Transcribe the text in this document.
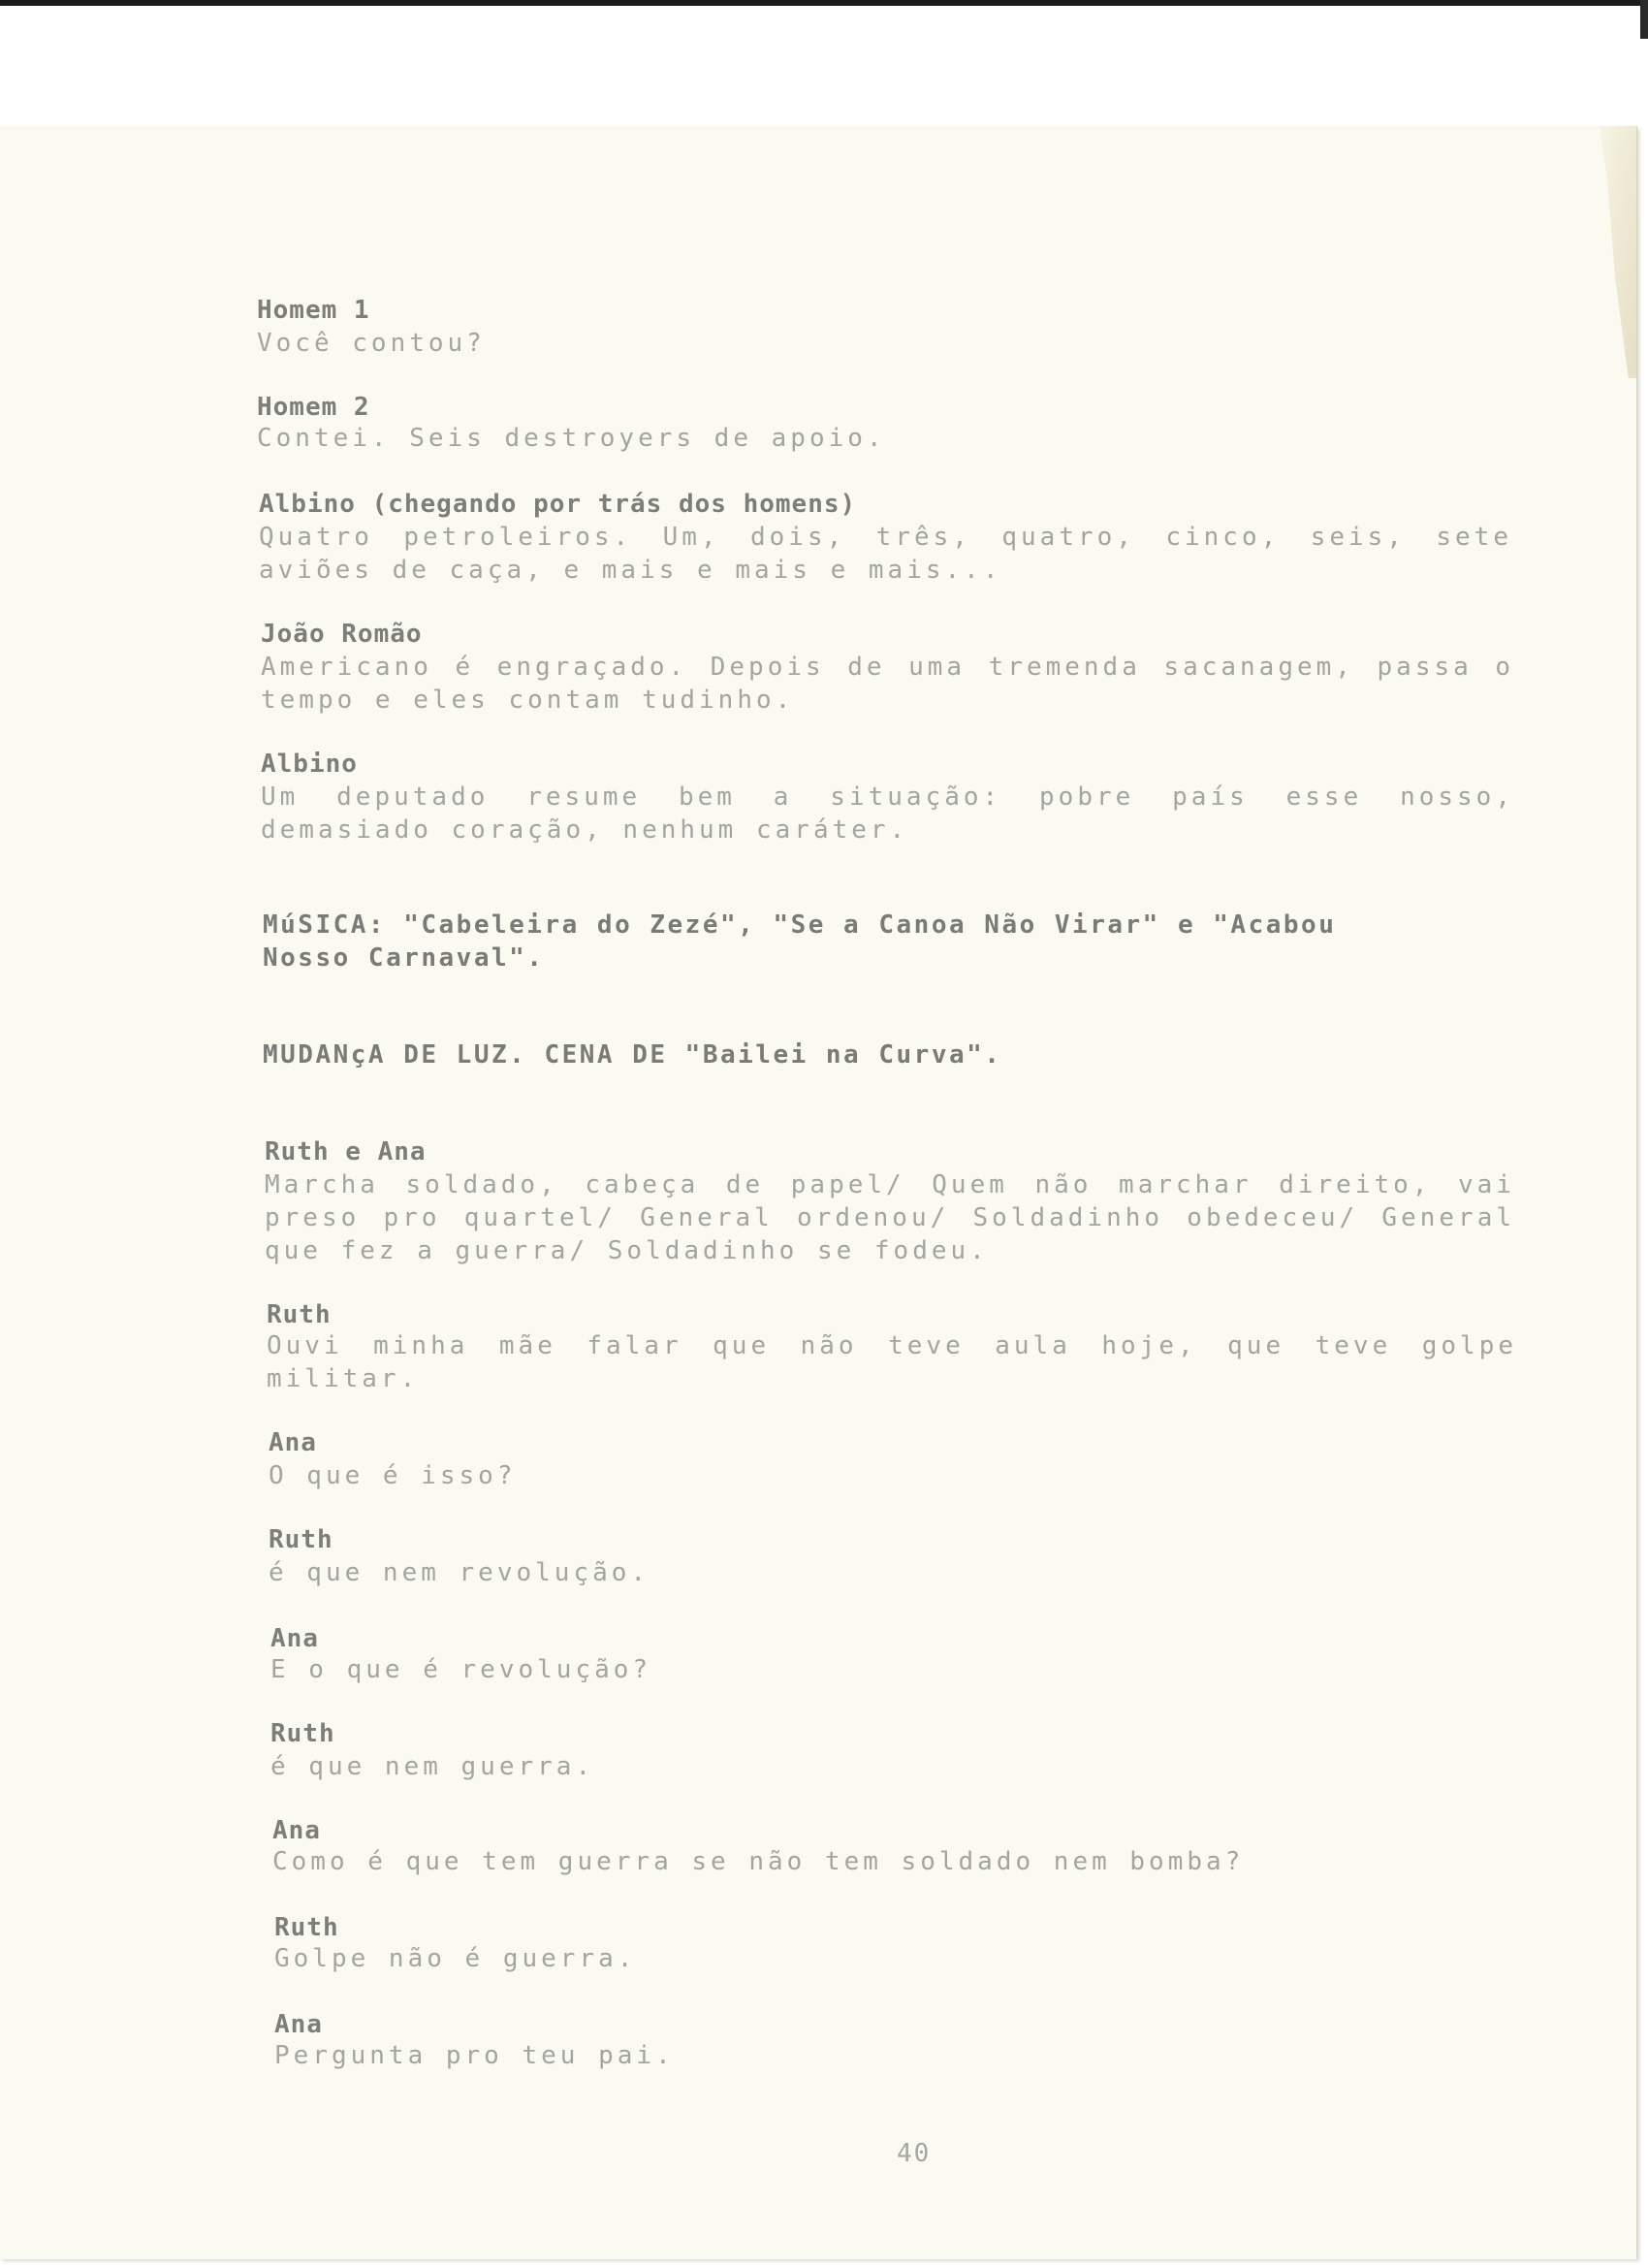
Homem 1

Você contou?

Homem 2

Contei. Seis destroyers de apoio.

Albino (chegando por trás dos homens)

Quatro petroleiros. Um, dois, três, quatro, cinco, seis, sete

aviões de caça, e mais e mais e mais...

João Romão

Americano é engraçado. Depois de uma tremenda sacanagem, passa o

tempo e eles contam tudinho.

Albino

Um deputado resume bem a situação: pobre país esse nosso,

demasiado coração, nenhum caráter.

MúSICA: "Cabeleira do Zezé", "Se a Canoa Não Virar" e "Acabou

Nosso Carnaval".

MUDANçA DE LUZ. CENA DE "Bailei na Curva".

Ruth e Ana

Marcha soldado, cabeça de papel/ Quem não marchar direito, vai

preso pro quartel/ General ordenou/ Soldadinho obedeceu/ General

que fez a guerra/ Soldadinho se fodeu.

Ruth

Ouvi minha mãe falar que não teve aula hoje, que teve golpe

militar.

Ana

O que é isso?

Ruth

é que nem revolução.

Ana

E o que é revolução?

Ruth

é que nem guerra.

Ana

Como é que tem guerra se não tem soldado nem bomba?

Ruth

Golpe não é guerra.

Ana

Pergunta pro teu pai.

40
